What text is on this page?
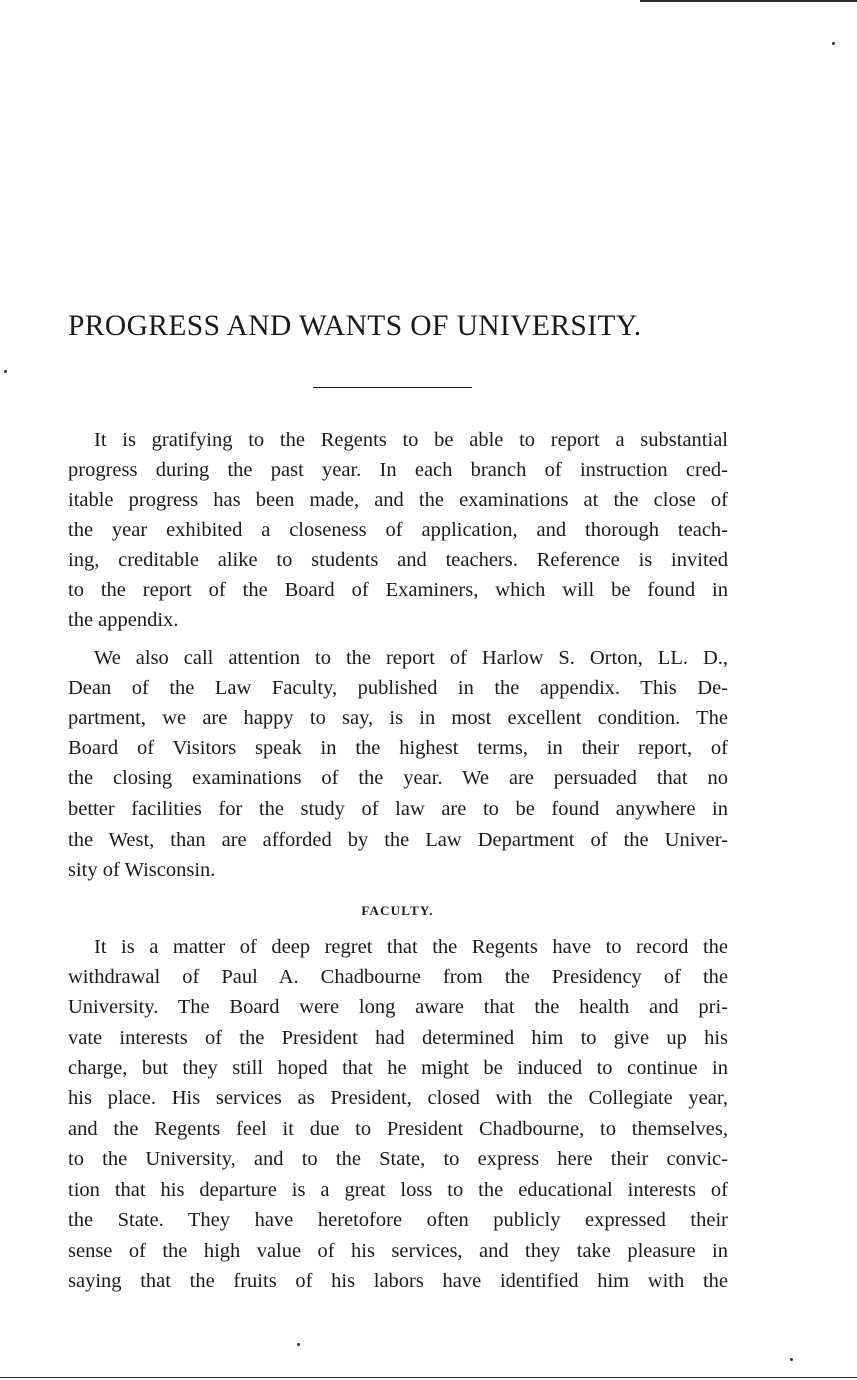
PROGRESS AND WANTS OF UNIVERSITY.
It is gratifying to the Regents to be able to report a substantial
progress during the past year. In each branch of instruction cred-
itable progress has been made, and the examinations at the close of
the year exhibited a closeness of application, and thorough teach-
ing, creditable alike to students and teachers. Reference is invited
to the report of the Board of Examiners, which will be found in
the appendix.
We also call attention to the report of Harlow S. Orton, LL. D.,
Dean of the Law Faculty, published in the appendix. This De-
partment, we are happy to say, is in most excellent condition. The
Board of Visitors speak in the highest terms, in their report, of
the closing examinations of the year. We are persuaded that no
better facilities for the study of law are to be found anywhere in
the West, than are afforded by the Law Department of the Univer-
sity of Wisconsin.
FACULTY.
It is a matter of deep regret that the Regents have to record the
withdrawal of Paul A. Chadbourne from the Presidency of the
University. The Board were long aware that the health and pri-
vate interests of the President had determined him to give up his
charge, but they still hoped that he might be induced to continue in
his place. His services as President, closed with the Collegiate year,
and the Regents feel it due to President Chadbourne, to themselves,
to the University, and to the State, to express here their convic-
tion that his departure is a great loss to the educational interests of
the State. They have heretofore often publicly expressed their
sense of the high value of his services, and they take pleasure in
saying that the fruits of his labors have identified him with the
